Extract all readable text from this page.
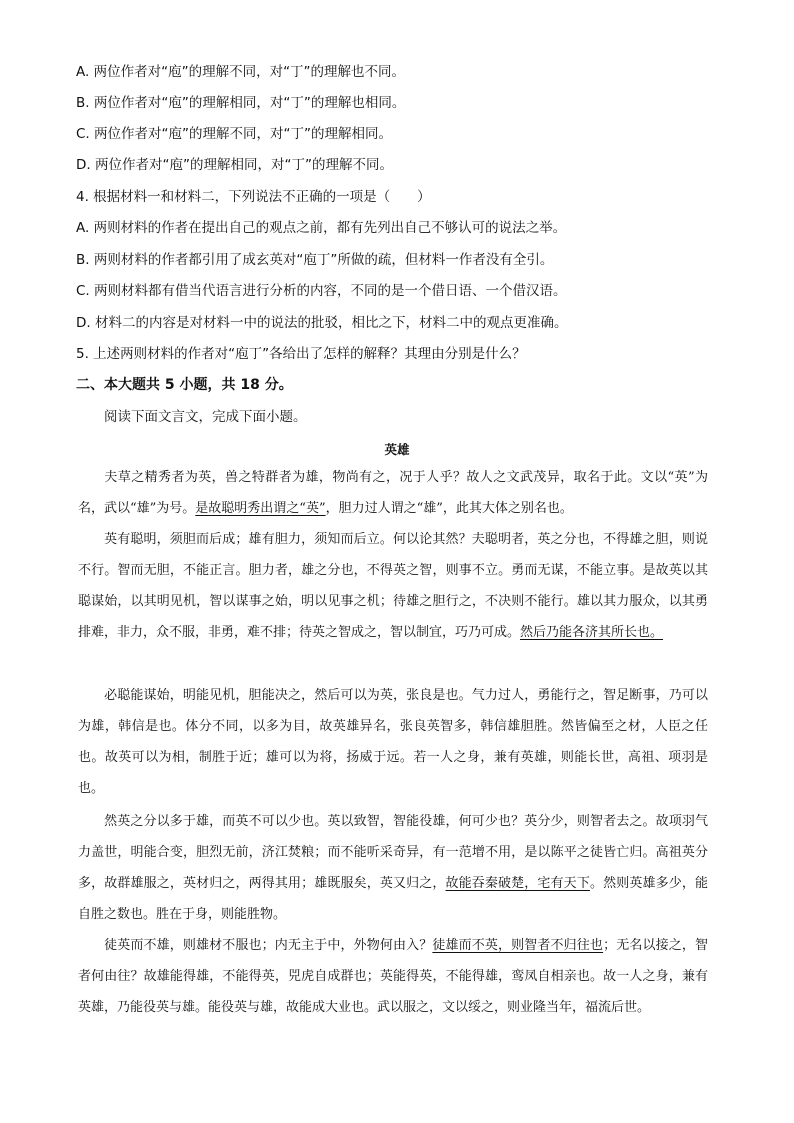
A. 两位作者对“庖”的理解不同，对“丁”的理解也不同。
B. 两位作者对“庖”的理解相同，对“丁”的理解也相同。
C. 两位作者对“庖”的理解不同，对“丁”的理解相同。
D. 两位作者对“庖”的理解相同，对“丁”的理解不同。
4. 根据材料一和材料二，下列说法不正确的一项是（　　）
A. 两则材料的作者在提出自己的观点之前，都有先列出自己不够认可的说法之举。
B. 两则材料的作者都引用了成玄英对“庖丁”所做的疏，但材料一作者没有全引。
C. 两则材料都有借当代语言进行分析的内容，不同的是一个借日语、一个借汉语。
D. 材料二的内容是对材料一中的说法的批驳，相比之下，材料二中的观点更准确。
5. 上述两则材料的作者对“庖丁”各给出了怎样的解释？其理由分别是什么？
二、本大题共 5 小题，共 18 分。
阅读下面文言文，完成下面小题。
英雄
夫草之精秀者为英，兽之特群者为雄，物尚有之，况于人乎？故人之文武茂异，取名于此。文以“英”为名，武以“雄”为号。是故聪明秀出谓之“英”，胆力过人谓之“雄”，此其大体之别名也。
英有聪明，须胆而后成；雄有胆力，须知而后立。何以论其然？夫聪明者，英之分也，不得雄之胆，则说不行。智而无胆，不能正言。胆力者，雄之分也，不得英之智，则事不立。勇而无谋，不能立事。是故英以其聪谋始，以其明见机，智以谋事之始，明以见事之机；待雄之胆行之，不决则不能行。雄以其力服众，以其勇排难，非力，众不服，非勇，难不排；待英之智成之，智以制宜，巧乃可成。然后乃能各济其所长也。
必聪能谋始，明能见机，胆能决之，然后可以为英，张良是也。气力过人，勇能行之，智足断事，乃可以为雄，韩信是也。体分不同，以多为目，故英雄异名，张良英智多，韩信雄胆胜。然皆偏至之材，人臣之任也。故英可以为相，制胜于近；雄可以为将，扬威于远。若一人之身，兼有英雄，则能长世，高祖、项羽是也。
然英之分以多于雄，而英不可以少也。英以致智，智能役雄，何可少也？英分少，则智者去之。故项羽气力盖世，明能合变，胆烈无前，济江焚粮；而不能听采奇异，有一范增不用，是以陈平之徒皆亡归。高祖英分多，故群雄服之，英材归之，两得其用；雄既服矣，英又归之，故能吞秦破楚，宅有天下。然则英雄多少，能自胜之数也。胜在于身，则能胜物。
徒英而不雄，则雄材不服也；内无主于中，外物何由入？徒雄而不英，则智者不归往也；无名以接之，智者何由往？故雄能得雄，不能得英，兕虎自成群也；英能得英，不能得雄，鸾凤自相亲也。故一人之身，兼有英雄，乃能役英与雄。能役英与雄，故能成大业也。武以服之，文以绥之，则业隆当年，福流后世。
